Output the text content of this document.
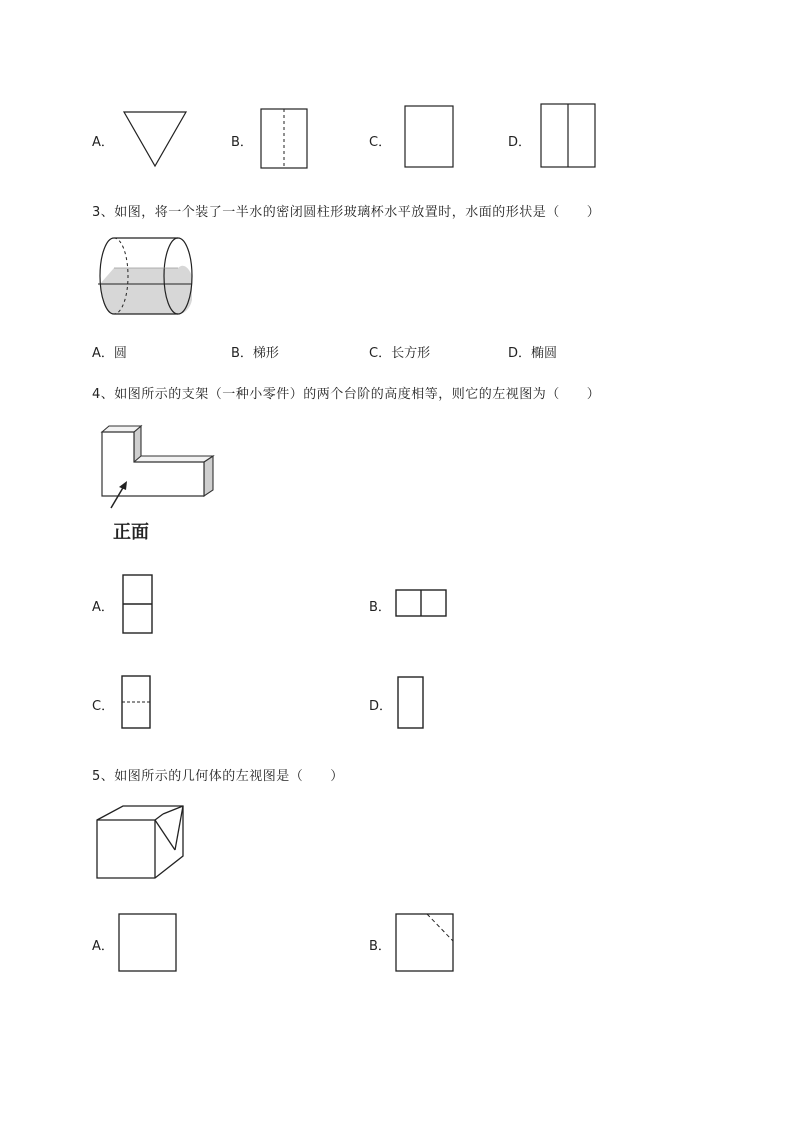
A．	B．	C．	D．
3、如图，将一个装了一半水的密闭圆柱形玻璃杯水平放置时，水面的形状是（　　）
A．圆	B．梯形	C．长方形	D．椭圆
4、如图所示的支架（一种小零件）的两个台阶的高度相等，则它的左视图为（　　）
正面
A．	B．
C．	D．
5、如图所示的几何体的左视图是（　　）
A．	B．
